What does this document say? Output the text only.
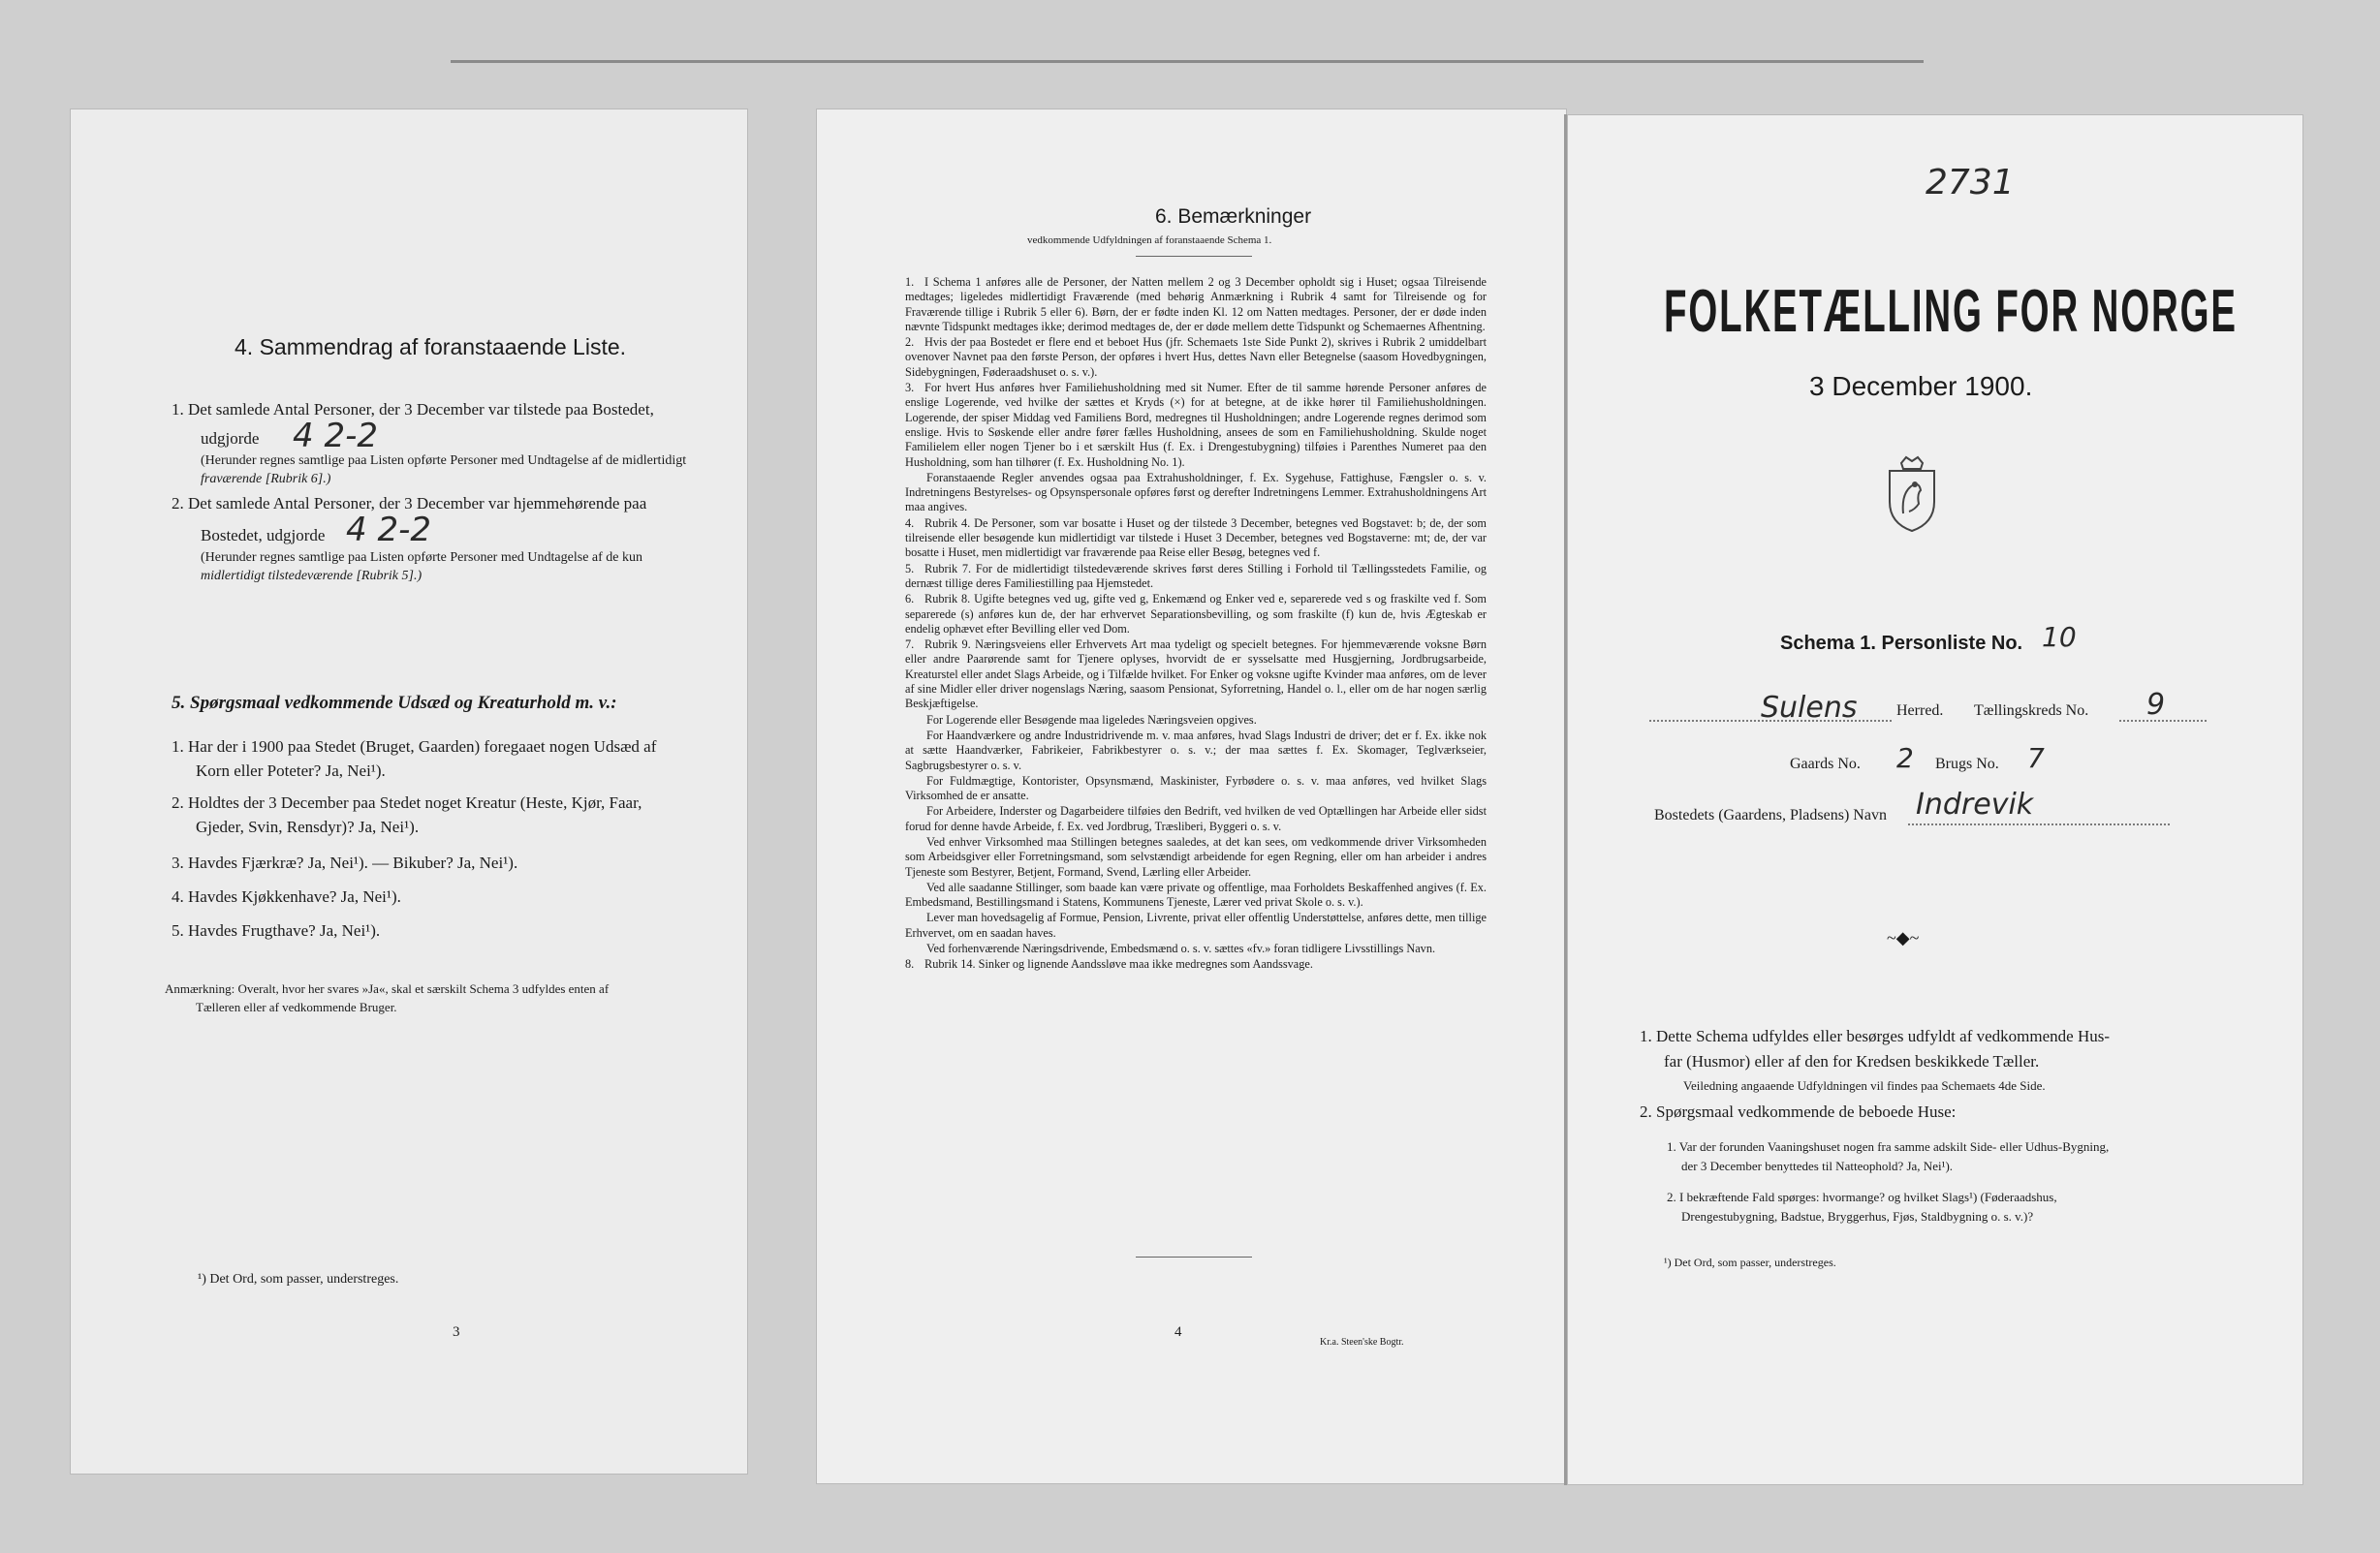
4. Sammendrag af foranstaaende Liste.
1. Det samlede Antal Personer, der 3 December var tilstede paa Bostedet,
udgjorde 4 2-2
(Herunder regnes samtlige paa Listen opførte Personer med Undtagelse af de midlertidigt
fraværende [Rubrik 6].)
2. Det samlede Antal Personer, der 3 December var hjemmehørende paa
Bostedet, udgjorde 4 2-2
(Herunder regnes samtlige paa Listen opførte Personer med Undtagelse af de kun
midlertidigt tilstedeværende [Rubrik 5].)
5. Spørgsmaal vedkommende Udsæd og Kreaturhold m. v.:
1. Har der i 1900 paa Stedet (Bruget, Gaarden) foregaaet nogen Udsæd af
Korn eller Poteter? Ja, Nei¹).
2. Holdtes der 3 December paa Stedet noget Kreatur (Heste, Kjør, Faar,
Gjeder, Svin, Rensdyr)? Ja, Nei¹).
3. Havdes Fjærkræ? Ja, Nei¹). — Bikuber? Ja, Nei¹).
4. Havdes Kjøkkenhave? Ja, Nei¹).
5. Havdes Frugthave? Ja, Nei¹).
Anmærkning: Overalt, hvor her svares »Ja«, skal et særskilt Schema 3 udfyldes enten af
Tælleren eller af vedkommende Bruger.
¹) Det Ord, som passer, understreges.
3
6. Bemærkninger
vedkommende Udfyldningen af foranstaaende Schema 1.
1. I Schema 1 anføres alle de Personer, der Natten mellem 2 og 3 December opholdt sig i Huset; ogsaa Tilreisende medtages; ligeledes midlertidigt Fraværende (med behørig Anmærkning i Rubrik 4 samt for Tilreisende og for Fraværende tillige i Rubrik 5 eller 6). Børn, der er fødte inden Kl. 12 om Natten medtages. Personer, der er døde inden nævnte Tidspunkt medtages ikke; derimod medtages de, der er døde mellem dette Tidspunkt og Schemaernes Afhentning.
2. Hvis der paa Bostedet er flere end et beboet Hus (jfr. Schemaets 1ste Side Punkt 2), skrives i Rubrik 2 umiddelbart ovenover Navnet paa den første Person, der opføres i hvert Hus, dettes Navn eller Betegnelse (saasom Hovedbygningen, Sidebygningen, Føderaadshuset o. s. v.).
3. For hvert Hus anføres hver Familiehusholdning med sit Numer. Efter de til samme hørende Personer anføres de enslige Logerende, ved hvilke der sættes et Kryds (×) for at betegne, at de ikke hører til Familiehusholdningen. Logerende, der spiser Middag ved Familiens Bord, medregnes til Husholdningen; andre Logerende regnes derimod som enslige. Hvis to Søskende eller andre fører fælles Husholdning, ansees de som en Familiehusholdning. Skulde noget Familielem eller nogen Tjener bo i et særskilt Hus (f. Ex. i Drengestubygning) tilføies i Parenthes Numeret paa den Husholdning, som han tilhører (f. Ex. Husholdning No. 1).
Foranstaaende Regler anvendes ogsaa paa Extrahusholdninger, f. Ex. Sygehuse, Fattighuse, Fængsler o. s. v. Indretningens Bestyrelses- og Opsynspersonale opføres først og derefter Indretningens Lemmer. Extrahusholdningens Art maa angives.
4. Rubrik 4. De Personer, som var bosatte i Huset og der tilstede 3 December, betegnes ved Bogstavet: b; de, der som tilreisende eller besøgende kun midlertidigt var tilstede i Huset 3 December, betegnes ved Bogstaverne: mt; de, der var bosatte i Huset, men midlertidigt var fraværende paa Reise eller Besøg, betegnes ved f.
5. Rubrik 7. For de midlertidigt tilstedeværende skrives først deres Stilling i Forhold til Tællingsstedets Familie, og dernæst tillige deres Familiestilling paa Hjemstedet.
6. Rubrik 8. Ugifte betegnes ved ug, gifte ved g, Enkemænd og Enker ved e, separerede ved s og fraskilte ved f. Som separerede (s) anføres kun de, der har erhvervet Separationsbevilling, og som fraskilte (f) kun de, hvis Ægteskab er endelig ophævet efter Bevilling eller ved Dom.
7. Rubrik 9. Næringsveiens eller Erhvervets Art maa tydeligt og specielt betegnes. For hjemmeværende voksne Børn eller andre Paarørende samt for Tjenere oplyses, hvorvidt de er sysselsatte med Husgjerning, Jordbrugsarbeide, Kreaturstel eller andet Slags Arbeide, og i Tilfælde hvilket. For Enker og voksne ugifte Kvinder maa anføres, om de lever af sine Midler eller driver nogenslags Næring, saasom Pensionat, Syforretning, Handel o. l., eller om de har nogen særlig Beskjæftigelse.
For Logerende eller Besøgende maa ligeledes Næringsveien opgives.
For Haandværkere og andre Industridrivende m. v. maa anføres, hvad Slags Industri de driver; det er f. Ex. ikke nok at sætte Haandværker, Fabrikeier, Fabrikbestyrer o. s. v.; der maa sættes f. Ex. Skomager, Teglværkseier, Sagbrugsbestyrer o. s. v.
For Fuldmægtige, Kontorister, Opsynsmænd, Maskinister, Fyrbødere o. s. v. maa anføres, ved hvilket Slags Virksomhed de er ansatte.
For Arbeidere, Inderster og Dagarbeidere tilføies den Bedrift, ved hvilken de ved Optællingen har Arbeide eller sidst forud for denne havde Arbeide, f. Ex. ved Jordbrug, Træsliberi, Byggeri o. s. v.
Ved enhver Virksomhed maa Stillingen betegnes saaledes, at det kan sees, om vedkommende driver Virksomheden som Arbeidsgiver eller Forretningsmand, som selvstændigt arbeidende for egen Regning, eller om han arbeider i andres Tjeneste som Bestyrer, Betjent, Formand, Svend, Lærling eller Arbeider.
Ved alle saadanne Stillinger, som baade kan være private og offentlige, maa Forholdets Beskaffenhed angives (f. Ex. Embedsmand, Bestillingsmand i Statens, Kommunens Tjeneste, Lærer ved privat Skole o. s. v.).
Lever man hovedsagelig af Formue, Pension, Livrente, privat eller offentlig Understøttelse, anføres dette, men tillige Erhvervet, om en saadan haves.
Ved forhenværende Næringsdrivende, Embedsmænd o. s. v. sættes «fv.» foran tidligere Livsstillings Navn.
8. Rubrik 14. Sinker og lignende Aandssløve maa ikke medregnes som Aandssvage.
4
Kr.a. Steen'ske Bogtr.
2731
FOLKETÆLLING FOR NORGE
3 December 1900.
Schema 1. Personliste No. 10
Sulens	Herred. Tællingskreds No. 9
Gaards No. 2 Brugs No. 7
Bostedets (Gaardens, Pladsens) Navn Indrevik
~◆~
1. Dette Schema udfyldes eller besørges udfyldt af vedkommende Hus-
far (Husmor) eller af den for Kredsen beskikkede Tæller.
Veiledning angaaende Udfyldningen vil findes paa Schemaets 4de Side.
2. Spørgsmaal vedkommende de beboede Huse:
1. Var der forunden Vaaningshuset nogen fra samme adskilt Side- eller Udhus-Bygning,
der 3 December benyttedes til Natteophold? Ja, Nei¹).
2. I bekræftende Fald spørges: hvormange? og hvilket Slags¹) (Føderaadshus,
Drengestubygning, Badstue, Bryggerhus, Fjøs, Staldbygning o. s. v.)?
¹) Det Ord, som passer, understreges.
